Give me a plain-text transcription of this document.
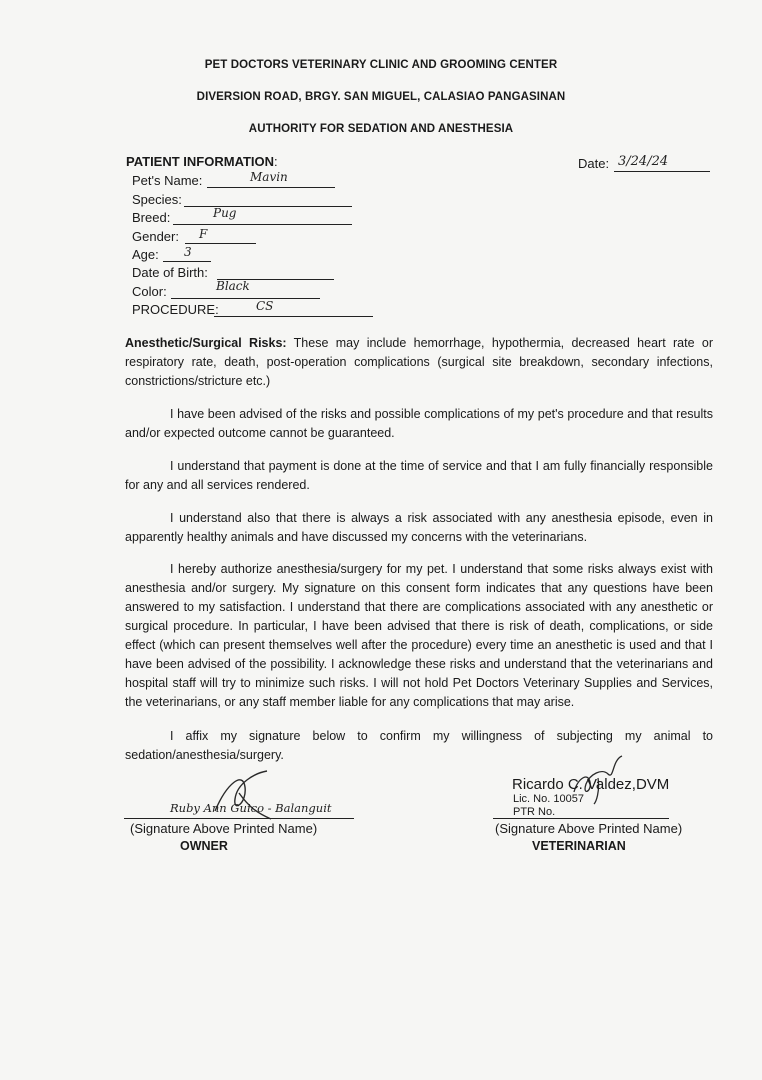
PET DOCTORS VETERINARY CLINIC AND GROOMING CENTER
DIVERSION ROAD, BRGY. SAN MIGUEL, CALASIAO PANGASINAN
AUTHORITY FOR SEDATION AND ANESTHESIA
PATIENT INFORMATION:	Date: 3/24/24
Pet's Name:	Mavin
Species:
Breed:	Pug
Gender: F
Age: 3
Date of Birth:
Color:	Black
PROCEDURE:	CS
Anesthetic/Surgical Risks: These may include hemorrhage, hypothermia, decreased heart rate or respiratory rate, death, post-operation complications (surgical site breakdown, secondary infections, constrictions/stricture etc.)
I have been advised of the risks and possible complications of my pet's procedure and that results and/or expected outcome cannot be guaranteed.
I understand that payment is done at the time of service and that I am fully financially responsible for any and all services rendered.
I understand also that there is always a risk associated with any anesthesia episode, even in apparently healthy animals and have discussed my concerns with the veterinarians.
I hereby authorize anesthesia/surgery for my pet. I understand that some risks always exist with anesthesia and/or surgery. My signature on this consent form indicates that any questions have been answered to my satisfaction. I understand that there are complications associated with any anesthetic or surgical procedure. In particular, I have been advised that there is risk of death, complications, or side effect (which can present themselves well after the procedure) every time an anesthetic is used and that I have been advised of the possibility. I acknowledge these risks and understand that the veterinarians and hospital staff will try to minimize such risks. I will not hold Pet Doctors Veterinary Supplies and Services, the veterinarians, or any staff member liable for any complications that may arise.
I affix my signature below to confirm my willingness of subjecting my animal to sedation/anesthesia/surgery.
Ruby Ann Guico - Balanguit
(Signature Above Printed Name)
OWNER
Ricardo C. Valdez,DVM
Lic. No. 10057
PTR No.
(Signature Above Printed Name)
VETERINARIAN
